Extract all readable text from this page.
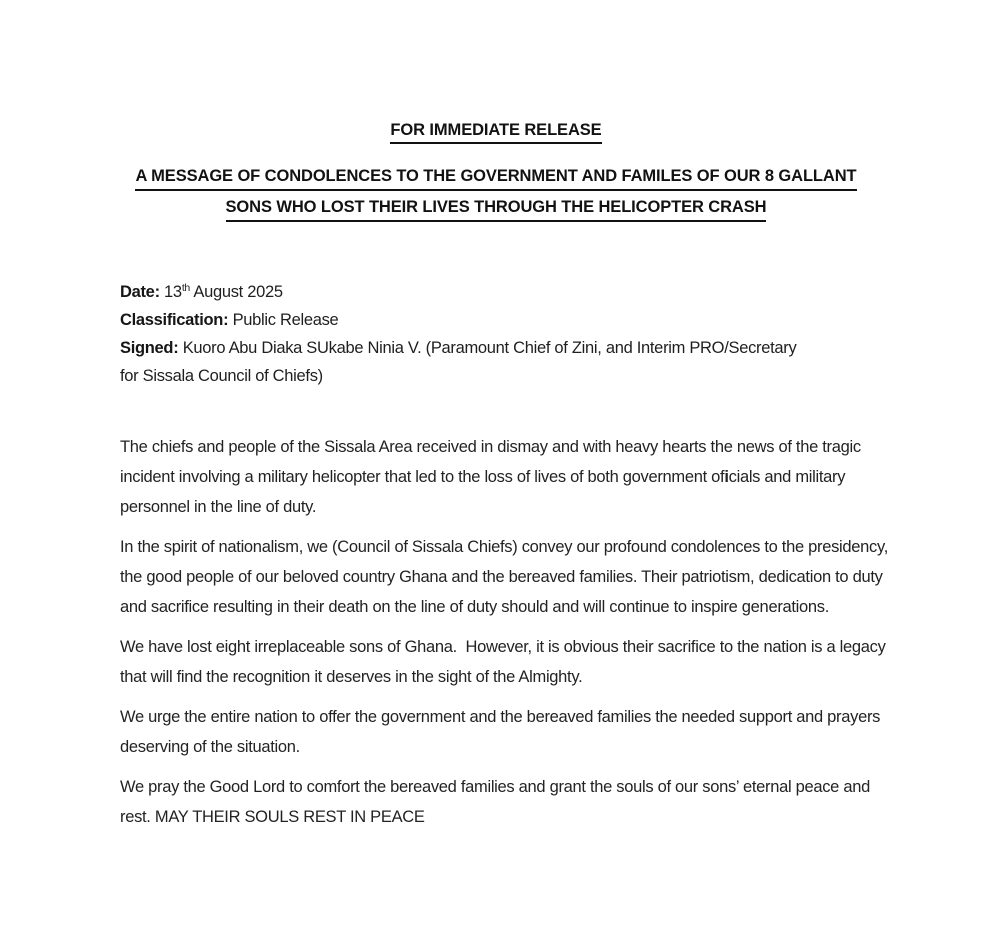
FOR IMMEDIATE RELEASE
A MESSAGE OF CONDOLENCES TO THE GOVERNMENT AND FAMILES OF OUR 8 GALLANT
SONS WHO LOST THEIR LIVES THROUGH THE HELICOPTER CRASH

Date: 13th August 2025

Classification: Public Release

Signed: Kuoro Abu Diaka SUkabe Ninia V. (Paramount Chief of Zini, and Interim PRO/Secretary for Sissala Council of Chiefs)

The chiefs and people of the Sissala Area received in dismay and with heavy hearts the news of the tragic incident involving a military helicopter that led to the loss of lives of both government oficials and military personnel in the line of duty.

In the spirit of nationalism, we (Council of Sissala Chiefs) convey our profound condolences to the presidency, the good people of our beloved country Ghana and the bereaved families. Their patriotism, dedication to duty and sacrifice resulting in their death on the line of duty should and will continue to inspire generations.

We have lost eight irreplaceable sons of Ghana.  However, it is obvious their sacrifice to the nation is a legacy that will find the recognition it deserves in the sight of the Almighty.

We urge the entire nation to offer the government and the bereaved families the needed support and prayers deserving of the situation.

We pray the Good Lord to comfort the bereaved families and grant the souls of our sons’ eternal peace and rest. MAY THEIR SOULS REST IN PEACE
